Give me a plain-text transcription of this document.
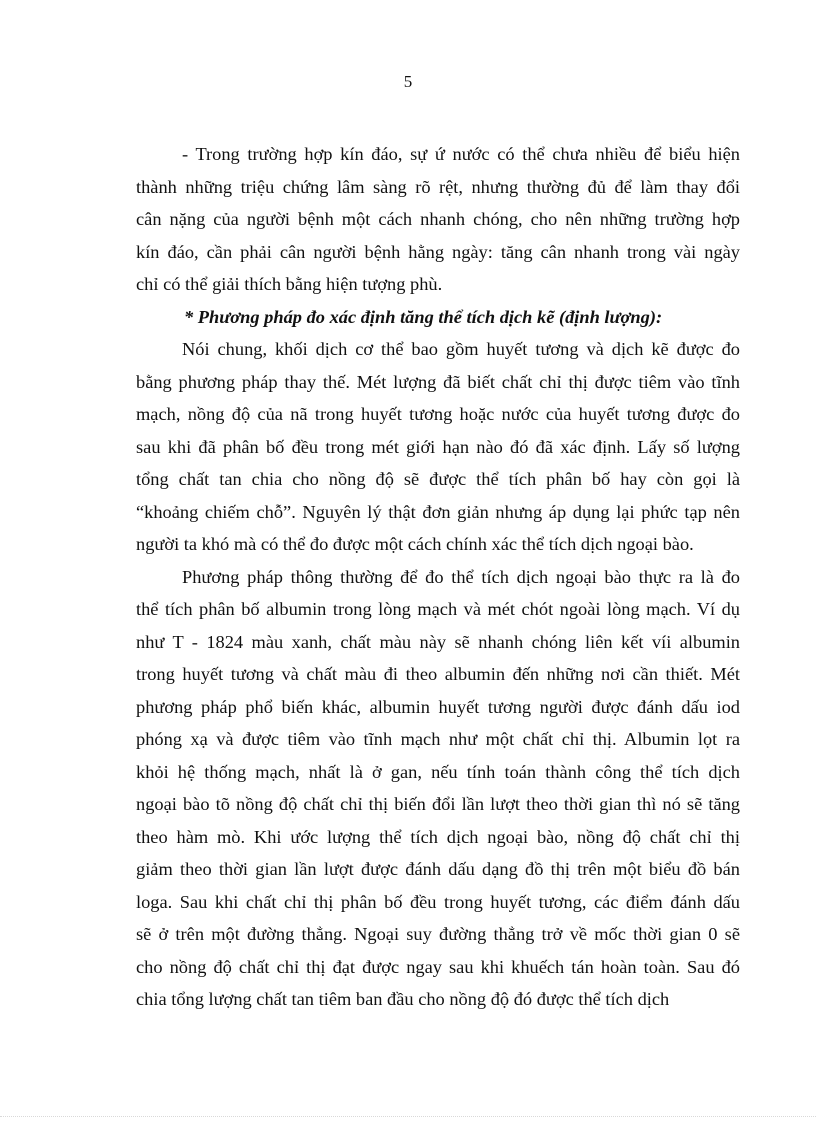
5
- Trong trường hợp kín đáo, sự ứ nước có thể chưa nhiều để biểu hiện
thành những triệu chứng lâm sàng rõ rệt, nhưng thường đủ để làm thay đổi
cân nặng của người bệnh một cách nhanh chóng, cho nên những trường hợp
kín đáo, cần phải cân người bệnh hằng ngày: tăng cân nhanh trong vài ngày
chỉ có thể giải thích bằng hiện tượng phù.
* Phương pháp đo xác định tăng thể tích dịch kẽ (định lượng):
Nói chung, khối dịch cơ thể bao gồm huyết tương và dịch kẽ được đo
bằng phương pháp thay thế. Mét lượng đã biết chất chỉ thị được tiêm vào tĩnh
mạch, nồng độ của nã trong huyết tương hoặc nước của huyết tương được đo
sau khi đã phân bố đều trong mét giới hạn nào đó đã xác định. Lấy số lượng
tổng chất tan chia cho nồng độ sẽ được thể tích phân bố hay còn gọi là
“khoảng chiếm chỗ”. Nguyên lý thật đơn giản nhưng áp dụng lại phức tạp nên
người ta khó mà có thể đo được một cách chính xác thể tích dịch ngoại bào.
Phương pháp thông thường để đo thể tích dịch ngoại bào thực ra là đo
thể tích phân bố albumin trong lòng mạch và mét chót ngoài lòng mạch. Ví dụ
như T - 1824 màu xanh, chất màu này sẽ nhanh chóng liên kết víi albumin
trong huyết tương và chất màu đi theo albumin đến những nơi cần thiết. Mét
phương pháp phổ biến khác, albumin huyết tương người được đánh dấu iod
phóng xạ và được tiêm vào tĩnh mạch như một chất chỉ thị. Albumin lọt ra
khỏi hệ thống mạch, nhất là ở gan, nếu tính toán thành công thể tích dịch
ngoại bào tõ nồng độ chất chỉ thị biến đổi lần lượt theo thời gian thì nó sẽ tăng
theo hàm mò. Khi ước lượng thể tích dịch ngoại bào, nồng độ chất chỉ thị
giảm theo thời gian lần lượt được đánh dấu dạng đồ thị trên một biểu đồ bán
loga. Sau khi chất chỉ thị phân bố đều trong huyết tương, các điểm đánh dấu
sẽ ở trên một đường thẳng. Ngoại suy đường thẳng trở về mốc thời gian 0 sẽ
cho nồng độ chất chỉ thị đạt được ngay sau khi khuếch tán hoàn toàn. Sau đó
chia tổng lượng chất tan tiêm ban đầu cho nồng độ đó được thể tích dịch
